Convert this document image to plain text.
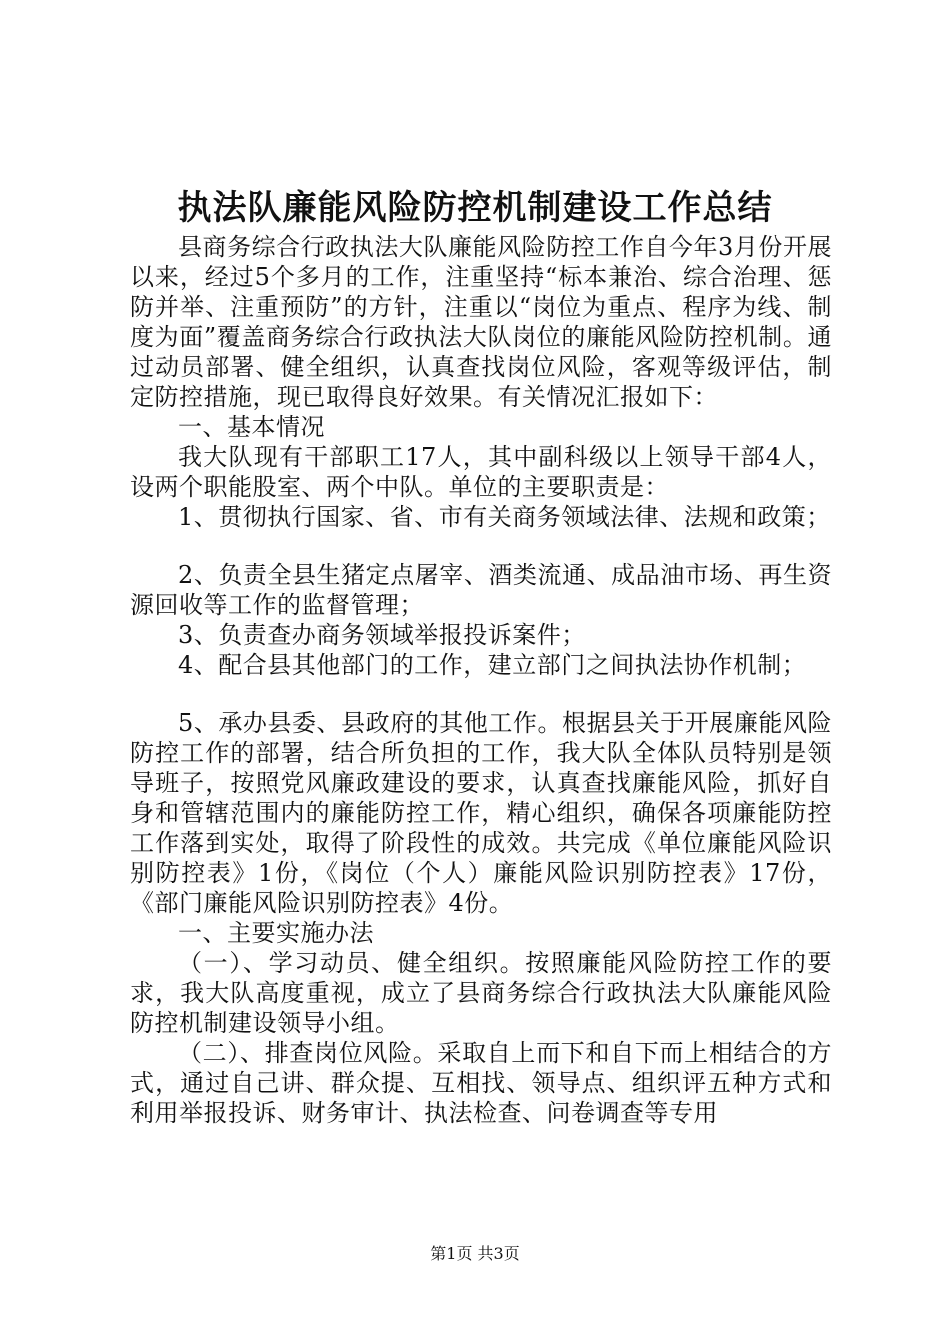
执法队廉能风险防控机制建设工作总结

县商务综合行政执法大队廉能风险防控工作自今年3月份开展以来，经过5个多月的工作，注重坚持“标本兼治、综合治理、惩防并举、注重预防”的方针，注重以“岗位为重点、程序为线、制度为面”覆盖商务综合行政执法大队岗位的廉能风险防控机制。通过动员部署、健全组织，认真查找岗位风险，客观等级评估，制定防控措施，现已取得良好效果。有关情况汇报如下：

一、基本情况

我大队现有干部职工17人，其中副科级以上领导干部4人，设两个职能股室、两个中队。单位的主要职责是：

1、贯彻执行国家、省、市有关商务领域法律、法规和政策；

2、负责全县生猪定点屠宰、酒类流通、成品油市场、再生资源回收等工作的监督管理；

3、负责查办商务领域举报投诉案件；

4、配合县其他部门的工作，建立部门之间执法协作机制；

5、承办县委、县政府的其他工作。根据县关于开展廉能风险防控工作的部署，结合所负担的工作，我大队全体队员特别是领导班子，按照党风廉政建设的要求，认真查找廉能风险，抓好自身和管辖范围内的廉能防控工作，精心组织，确保各项廉能防控工作落到实处，取得了阶段性的成效。共完成《单位廉能风险识别防控表》1份，《岗位（个人）廉能风险识别防控表》17份，《部门廉能风险识别防控表》4份。

一、主要实施办法

（一）、学习动员、健全组织。按照廉能风险防控工作的要求，我大队高度重视，成立了县商务综合行政执法大队廉能风险防控机制建设领导小组。

（二）、排查岗位风险。采取自上而下和自下而上相结合的方式，通过自己讲、群众提、互相找、领导点、组织评五种方式和利用举报投诉、财务审计、执法检查、问卷调查等专用

第1页 共3页
